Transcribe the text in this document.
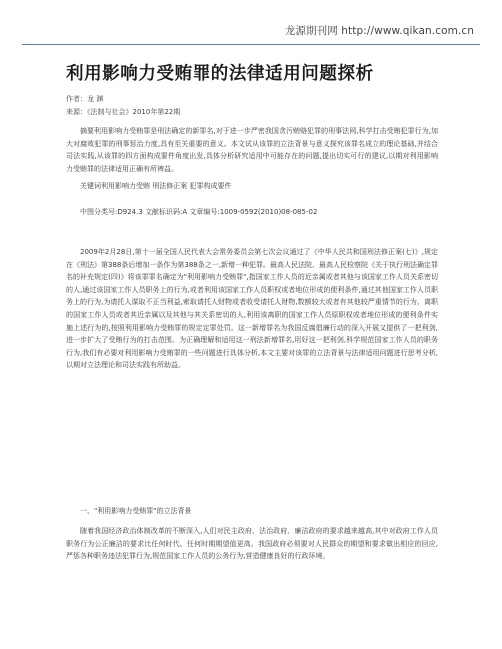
龙源期刊网 http://www.qikan.com.cn
利用影响力受贿罪的法律适用问题探析
作者：龙 渊
来源：《法制与社会》2010年第22期

摘要利用影响力受贿罪是刑法确定的新罪名,对于进一步严密我国贪污贿赂犯罪的刑事法网,科学打击受贿犯罪行为,加大对腐败犯罪的刑事惩治力度,具有至关重要的意义。本文试从该罪的立法背景与意义探究该罪名成立的理论基础,并结合司法实践,从该罪的四方面构成要件角度出发,具体分析研究适用中可能存在的问题,提出切实可行的建议,以期对利用影响力受贿罪的法律适用正确有所裨益。

关键词利用影响力受贿 刑法修正案 犯罪构成要件

中图分类号:D924.3 文献标识码:A 文章编号:1009-0592(2010)08-085-02

2009年2月28日,第十一届全国人民代表大会常务委员会第七次会议通过了《中华人民共和国刑法修正案(七)》,规定在《刑法》第388条后增加一条作为第388条之一,新增一种犯罪。最高人民法院、最高人民检察院《关于执行刑法确定罪名的补充规定(四)》将该罪罪名确定为"利用影响力受贿罪",指国家工作人员的近亲属或者其他与该国家工作人员关系密切的人,通过该国家工作人员职务上的行为,或者利用该国家工作人员职权或者地位形成的便利条件,通过其他国家工作人员职务上的行为,为请托人谋取不正当利益,索取请托人财物或者收受请托人财物,数额较大或者有其他较严重情节的行为。离职的国家工作人员或者其近亲属以及其他与其关系密切的人,利用该离职的国家工作人员原职权或者地位形成的便利条件实施上述行为的,按照利用影响力受贿罪的规定定罪处罚。这一新增罪名为我国反腐倡廉行动的深入开展又提供了一把利剑,进一步扩大了受贿行为的打击范围。为正确理解和适用这一刑法新增罪名,用好这一把利剑,科学规范国家工作人员的职务行为,我们有必要对利用影响力受贿罪的一些问题进行具体分析,本文主要对该罪的立法背景与法律适用问题进行思考分析,以期对立法理论和司法实践有所助益。

一、"利用影响力受贿罪"的立法背景

随着我国经济政治体制改革的不断深入,人们对民主政府、法治政府、廉洁政府的要求越来越高,其中对政府工作人员职务行为公正廉洁的要求比任何时代、任何时期期望值更高。我国政府必须要对人民群众的期望和要求做出相应的回应,严惩各种职务违法犯罪行为,规范国家工作人员的公务行为,营造健康良好的行政环境。
